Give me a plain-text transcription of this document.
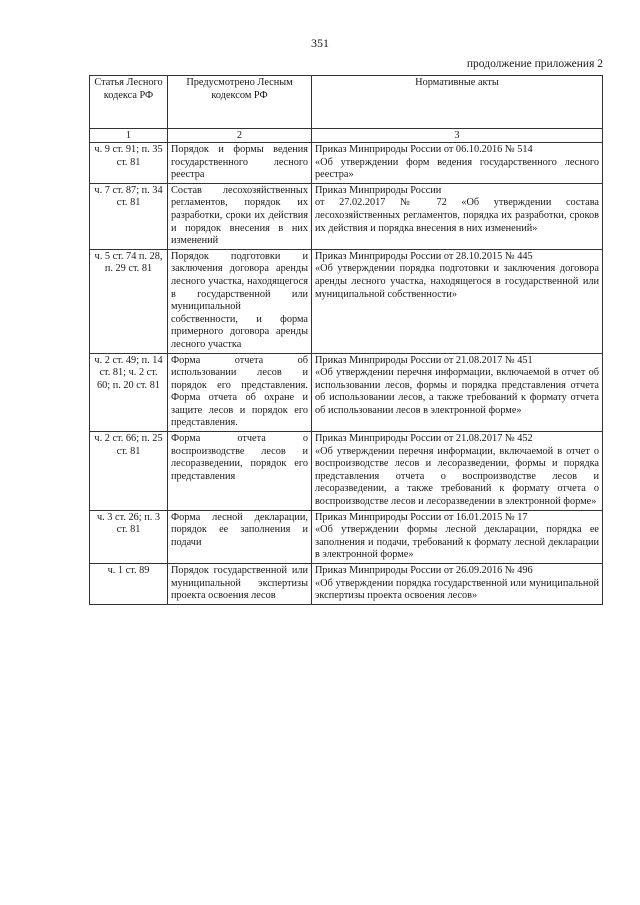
351
продолжение приложения 2
Статья Лесного кодекса РФ	Предусмотрено Лесным кодексом РФ	Нормативные акты
1	2	3
ч. 9 ст. 91; п. 35 ст. 81	Порядок и формы ведения государственного лесного реестра	Приказ Минприроды России от 06.10.2016 № 514
«Об утверждении форм ведения государственного лесного реестра»
ч. 7 ст. 87; п. 34 ст. 81	Состав лесохозяйственных регламентов, порядок их разработки, сроки их действия и порядок внесения в них изменений	Приказ Минприроды России
от 27.02.2017 № 72 «Об утверждении состава лесохозяйственных регламентов, порядка их разработки, сроков их действия и порядка внесения в них изменений»
ч. 5 ст. 74 п. 28, п. 29 ст. 81	Порядок подготовки и заключения договора аренды лесного участка, находящегося в государственной или муниципальной собственности, и форма примерного договора аренды лесного участка	Приказ Минприроды России от 28.10.2015 № 445
«Об утверждении порядка подготовки и заключения договора аренды лесного участка, находящегося в государственной или муниципальной собственности»
ч. 2 ст. 49; п. 14 ст. 81; ч. 2 ст. 60; п. 20 ст. 81	Форма отчета об использовании лесов и порядок его представления. Форма отчета об охране и защите лесов и порядок его представления.	Приказ Минприроды России от 21.08.2017 № 451
«Об утверждении перечня информации, включаемой в отчет об использовании лесов, формы и порядка представления отчета об использовании лесов, а также требований к формату отчета об использовании лесов в электронной форме»
ч. 2 ст. 66; п. 25 ст. 81	Форма отчета о воспроизводстве лесов и лесоразведении, порядок его представления	Приказ Минприроды России от 21.08.2017 № 452
«Об утверждении перечня информации, включаемой в отчет о воспроизводстве лесов и лесоразведении, формы и порядка представления отчета о воспроизводстве лесов и лесоразведении, а также требований к формату отчета о воспроизводстве лесов и лесоразведении в электронной форме»
ч. 3 ст. 26; п. 3 ст. 81	Форма лесной декларации, порядок ее заполнения и подачи	Приказ Минприроды России от 16.01.2015 № 17
«Об утверждении формы лесной декларации, порядка ее заполнения и подачи, требований к формату лесной декларации в электронной форме»
ч. 1 ст. 89	Порядок государственной или муниципальной экспертизы проекта освоения лесов	Приказ Минприроды России от 26.09.2016 № 496
«Об утверждении порядка государственной или муниципальной экспертизы проекта освоения лесов»
